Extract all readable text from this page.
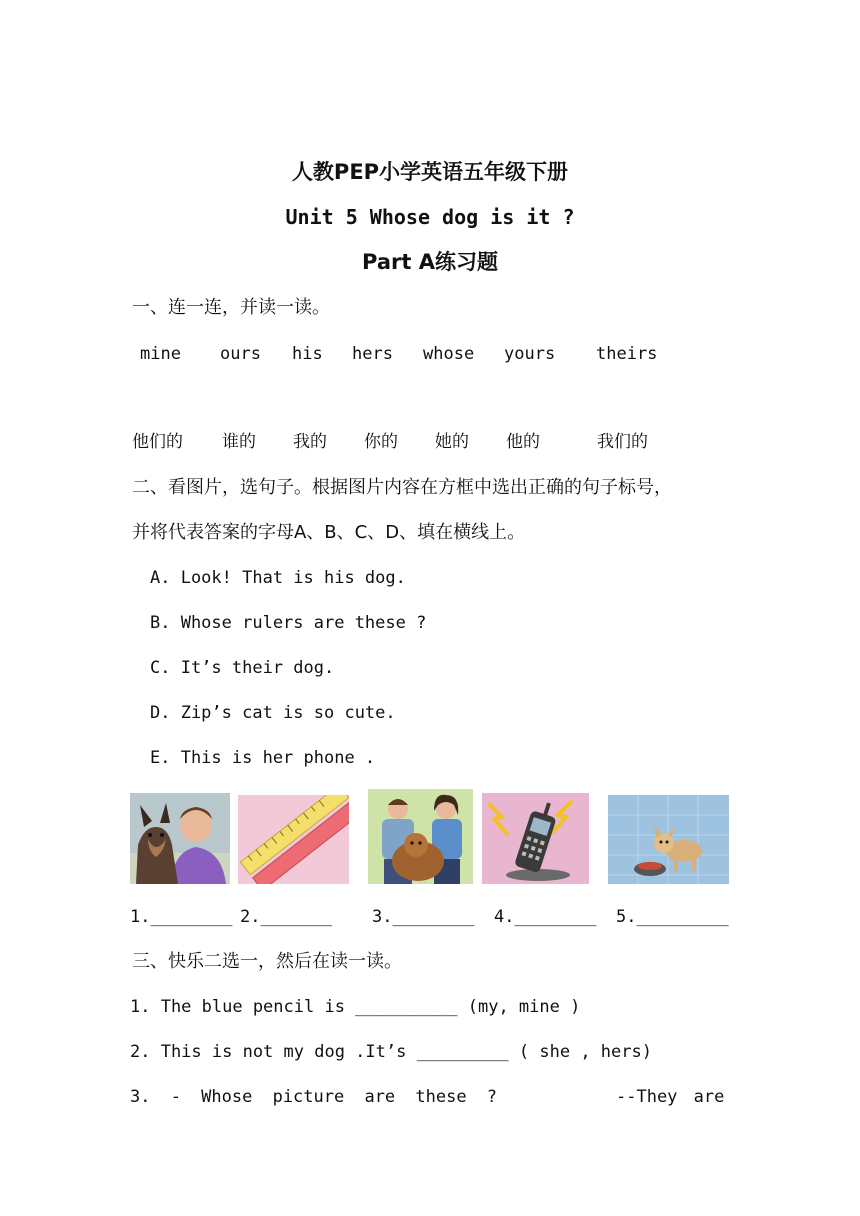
人教PEP小学英语五年级下册
Unit 5 Whose dog is it ?
Part A练习题
一、连一连，并读一读。
mine ours his hers whose yours theirs
他们的 谁的 我的 你的 她的 他的	我们的
二、看图片，选句子。根据图片内容在方框中选出正确的句子标号，
并将代表答案的字母A、B、C、D、填在横线上。
A. Look! That is his dog.
B. Whose rulers are these ?
C. It’s their dog.
D. Zip’s cat is so cute.
E. This is her phone .
1.________ 2._______ 3.________ 4.________ 5._________
三、快乐二选一，然后在读一读。
1. The blue pencil is __________ (my, mine )
2. This is not my dog .It’s _________ ( she , hers)
3. - Whose picture are these ?	--They are
